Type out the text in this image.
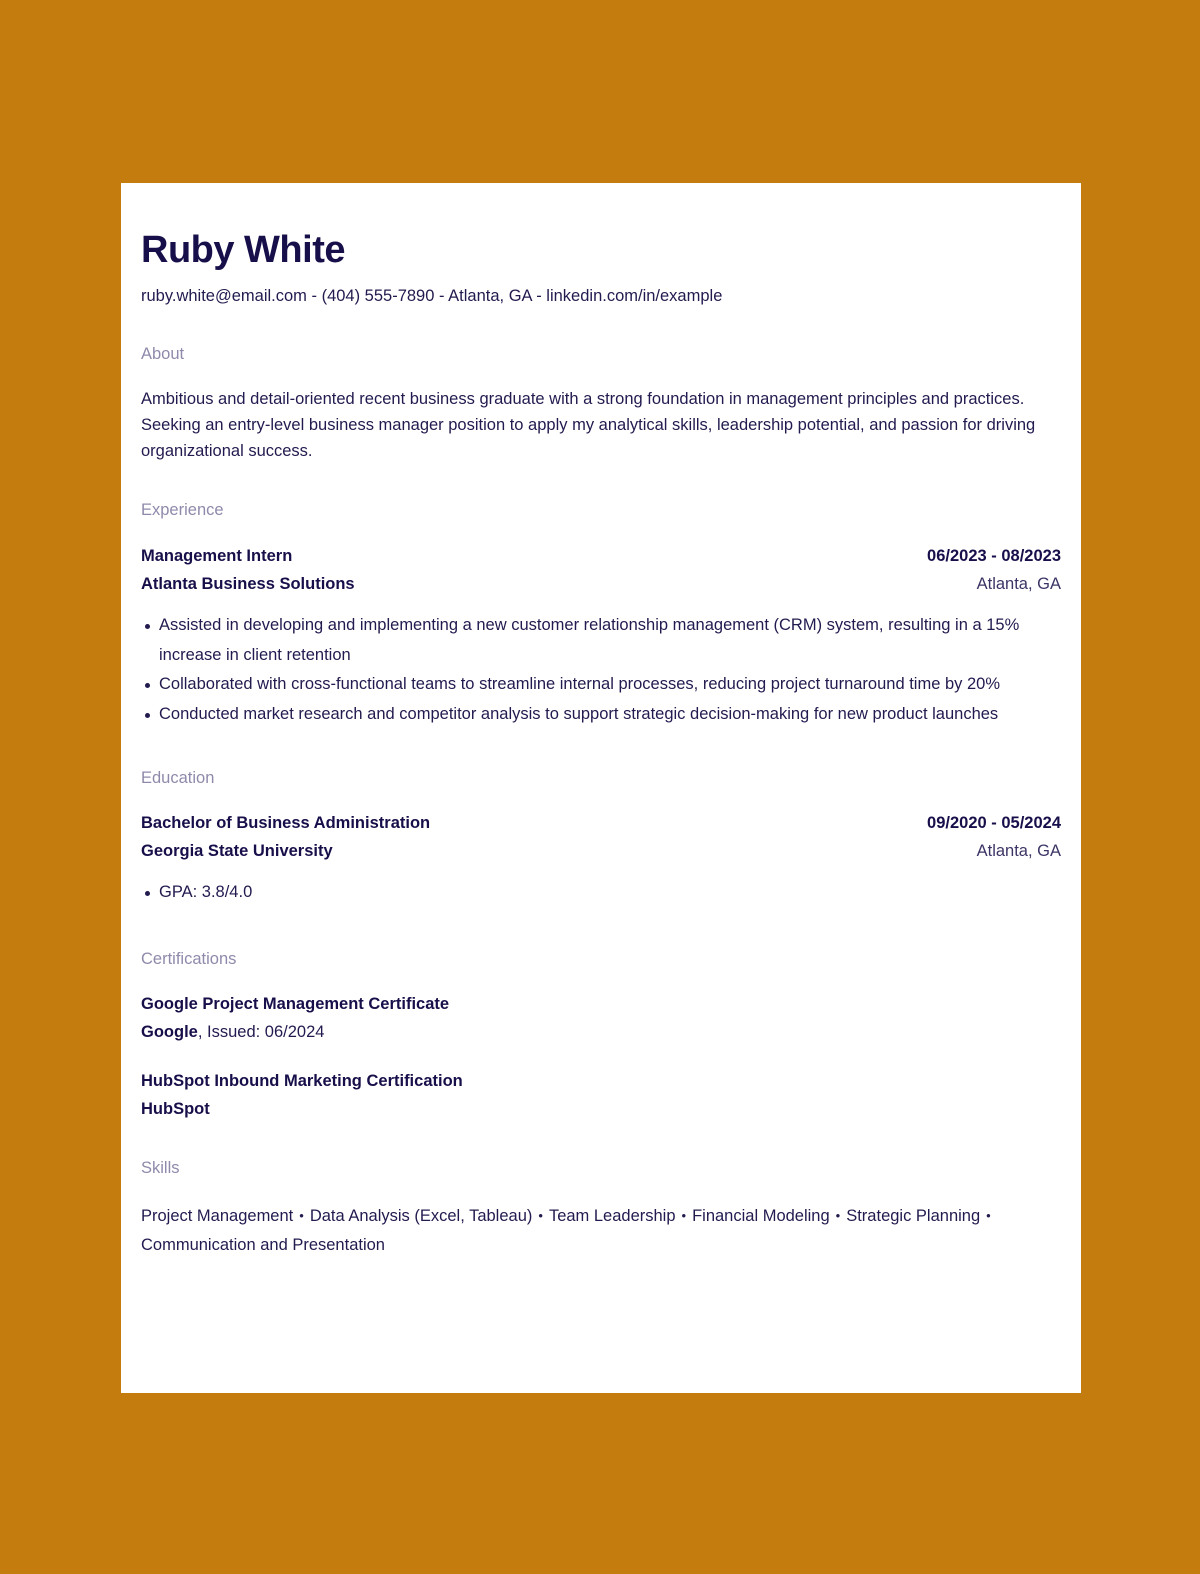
Ruby White
ruby.white@email.com - (404) 555-7890 - Atlanta, GA - linkedin.com/in/example
About
Ambitious and detail-oriented recent business graduate with a strong foundation in management principles and practices. Seeking an entry-level business manager position to apply my analytical skills, leadership potential, and passion for driving organizational success.
Experience
Management Intern	06/2023 - 08/2023
Atlanta Business Solutions	Atlanta, GA
Assisted in developing and implementing a new customer relationship management (CRM) system, resulting in a 15% increase in client retention
Collaborated with cross-functional teams to streamline internal processes, reducing project turnaround time by 20%
Conducted market research and competitor analysis to support strategic decision-making for new product launches
Education
Bachelor of Business Administration	09/2020 - 05/2024
Georgia State University	Atlanta, GA
GPA: 3.8/4.0
Certifications
Google Project Management Certificate
Google, Issued: 06/2024
HubSpot Inbound Marketing Certification
HubSpot
Skills
Project Management • Data Analysis (Excel, Tableau) • Team Leadership • Financial Modeling • Strategic Planning •Communication and Presentation
